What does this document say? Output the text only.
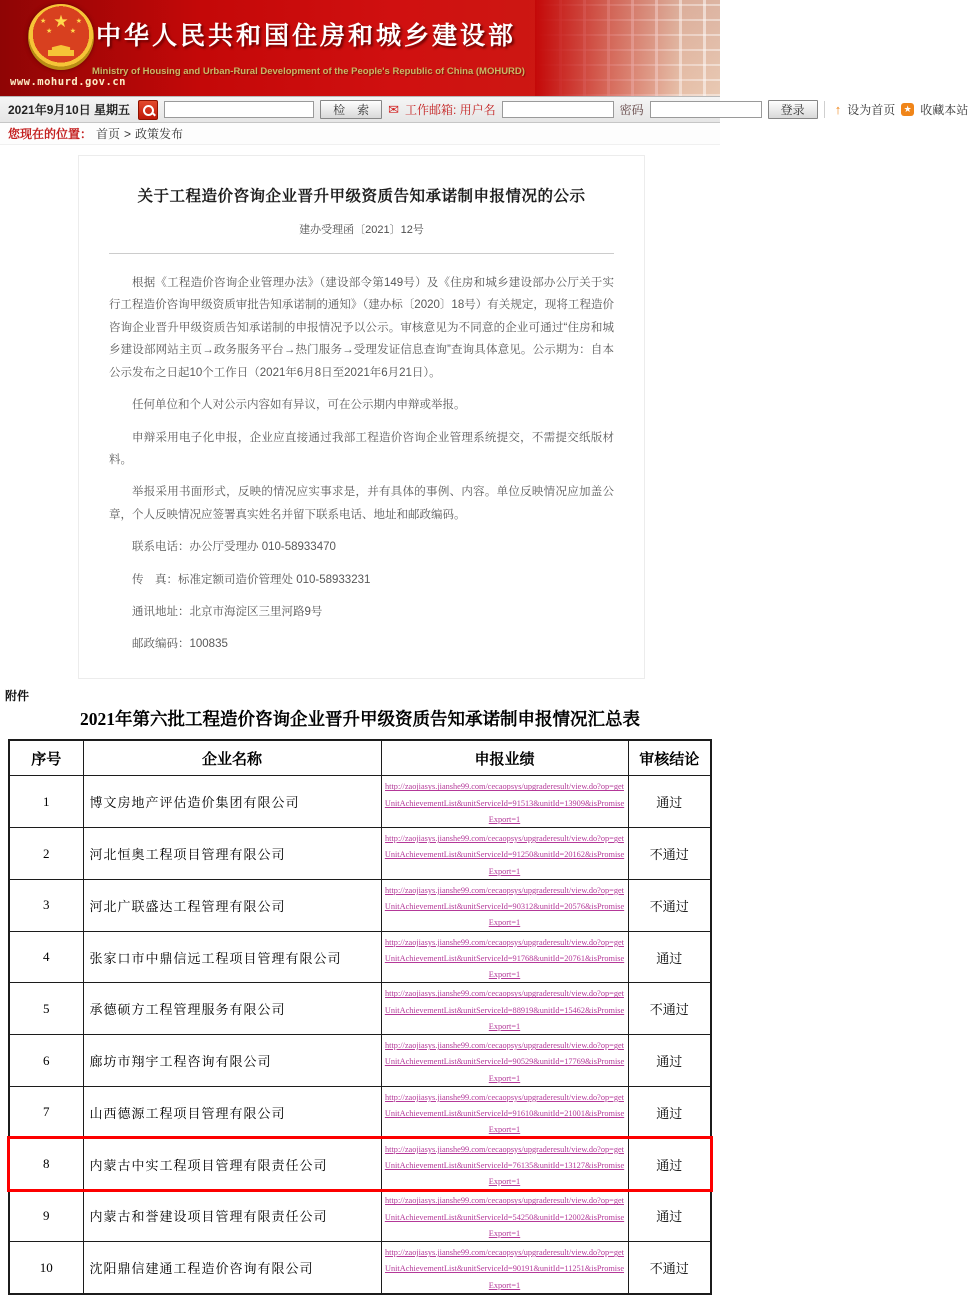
★
★	★
★ ★
www.mohurd.gov.cn
中华人民共和国住房和城乡建设部
Ministry of Housing and Urban-Rural Development of the People's Republic of China (MOHURD)
2021年9月10日 星期五	检　索	✉ 工作邮箱: 用户名	密码	登录	↑ 设为首页 ★ 收藏本站
您现在的位置： 首页 > 政策发布
关于工程造价咨询企业晋升甲级资质告知承诺制申报情况的公示
建办受理函〔2021〕12号

根据《工程造价咨询企业管理办法》（建设部令第149号）及《住房和城乡建设部办公厅关于实行工程造价咨询甲级资质审批告知承诺制的通知》（建办标〔2020〕18号）有关规定，现将工程造价咨询企业晋升甲级资质告知承诺制的申报情况予以公示。审核意见为不同意的企业可通过“住房和城乡建设部网站主页→政务服务平台→热门服务→受理发证信息查询”查询具体意见。公示期为：自本公示发布之日起10个工作日（2021年6月8日至2021年6月21日）。

任何单位和个人对公示内容如有异议，可在公示期内申辩或举报。

申辩采用电子化申报，企业应直接通过我部工程造价咨询企业管理系统提交，不需提交纸版材料。

举报采用书面形式，反映的情况应实事求是，并有具体的事例、内容。单位反映情况应加盖公章，个人反映情况应签署真实姓名并留下联系电话、地址和邮政编码。

联系电话：办公厅受理办 010-58933470

传　真：标准定额司造价管理处 010-58933231

通讯地址：北京市海淀区三里河路9号

邮政编码：100835

附件
2021年第六批工程造价咨询企业晋升甲级资质告知承诺制申报情况汇总表
序号	企业名称	申报业绩	审核结论
1	博文房地产评估造价集团有限公司	http://zaojiasys.jianshe99.com/cecaopsys/upgraderesult/view.do?op=getUnitAchievementList&unitServiceId=91513&unitId=13909&isPromiseExport=1	通过
2	河北恒奥工程项目管理有限公司	http://zaojiasys.jianshe99.com/cecaopsys/upgraderesult/view.do?op=getUnitAchievementList&unitServiceId=91250&unitId=20162&isPromiseExport=1	不通过
3	河北广联盛达工程管理有限公司	http://zaojiasys.jianshe99.com/cecaopsys/upgraderesult/view.do?op=getUnitAchievementList&unitServiceId=90312&unitId=20576&isPromiseExport=1	不通过
4	张家口市中鼎信远工程项目管理有限公司	http://zaojiasys.jianshe99.com/cecaopsys/upgraderesult/view.do?op=getUnitAchievementList&unitServiceId=91768&unitId=20761&isPromiseExport=1	通过
5	承德硕方工程管理服务有限公司	http://zaojiasys.jianshe99.com/cecaopsys/upgraderesult/view.do?op=getUnitAchievementList&unitServiceId=88919&unitId=15462&isPromiseExport=1	不通过
6	廊坊市翔宇工程咨询有限公司	http://zaojiasys.jianshe99.com/cecaopsys/upgraderesult/view.do?op=getUnitAchievementList&unitServiceId=90529&unitId=17769&isPromiseExport=1	通过
7	山西德源工程项目管理有限公司	http://zaojiasys.jianshe99.com/cecaopsys/upgraderesult/view.do?op=getUnitAchievementList&unitServiceId=91610&unitId=21001&isPromiseExport=1	通过
8	内蒙古中实工程项目管理有限责任公司	http://zaojiasys.jianshe99.com/cecaopsys/upgraderesult/view.do?op=getUnitAchievementList&unitServiceId=76135&unitId=13127&isPromiseExport=1	通过
9	内蒙古和誉建设项目管理有限责任公司	http://zaojiasys.jianshe99.com/cecaopsys/upgraderesult/view.do?op=getUnitAchievementList&unitServiceId=54250&unitId=12002&isPromiseExport=1	通过
10	沈阳鼎信建通工程造价咨询有限公司	http://zaojiasys.jianshe99.com/cecaopsys/upgraderesult/view.do?op=getUnitAchievementList&unitServiceId=90191&unitId=11251&isPromiseExport=1	不通过
